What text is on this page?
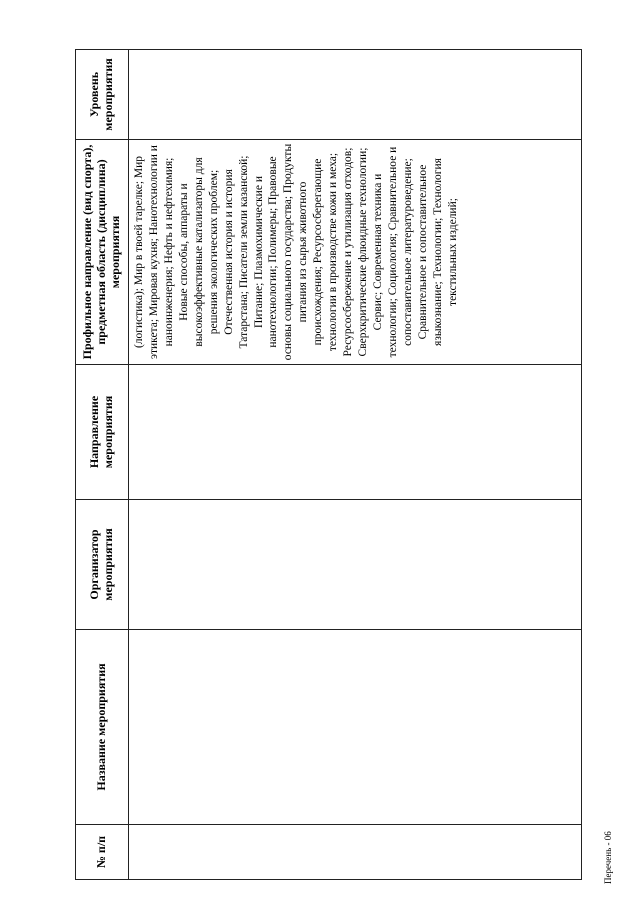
№ п/п	Название мероприятия	Организатор мероприятия	Направление мероприятия	Профильное направление (вид спорта), предметная область (дисциплина) мероприятия	Уровень мероприятия
				(логистика); Мир в твоей тарелке; Мир этикета; Мировая кухня; Нанотехнологии и наноинженерия; Нефть и нефтехимия; Новые способы, аппараты и высокоэффективные катализаторы для решения экологических проблем; Отечественная история и история Татарстана; Писатели земли казанской; Питание; Плазмохимические и нанотехнологии; Полимеры; Правовые основы социального государства; Продукты питания из сырья животного происхождения; Ресурсосберегающие технологии в производстве кожи и меха; Ресурсосбережение и утилизация отходов; Сверхкритические флюидные технологии; Сервис; Современная техника и технологии; Социология; Сравнительное и сопоставительное литературоведение; Сравнительное и сопоставительное языкознание; Технологии; Технология текстильных изделий;	
Перечень - 06
